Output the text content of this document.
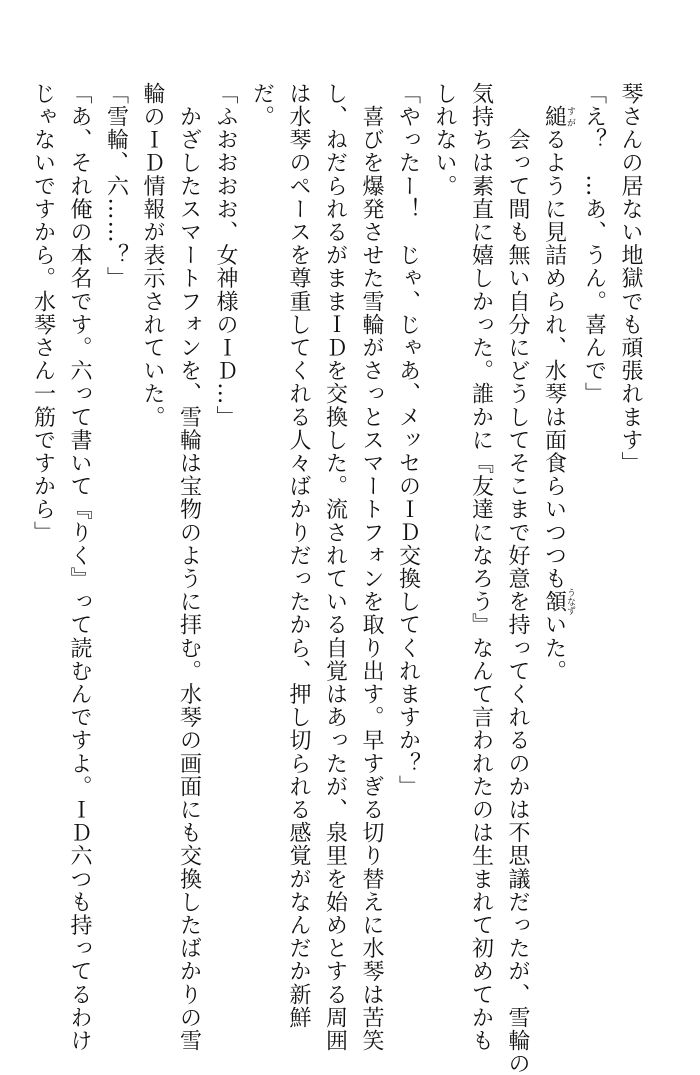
琴さんの居ない地獄でも頑張れます」
「え？　…あ、うん。喜んで」
　縋すがるように見詰められ、水琴は面食らいつつも頷うなずいた。
　　会って間も無い自分にどうしてそこまで好意を持ってくれるのかは不思議だったが、雪輪の
気持ちは素直に嬉しかった。誰かに『友達になろう』なんて言われたのは生まれて初めてかも
しれない。
「やったー！　じゃ、じゃあ、メッセのＩＤ交換してくれますか？」
　喜びを爆発させた雪輪がさっとスマートフォンを取り出す。早すぎる切り替えに水琴は苦笑
し、ねだられるがままＩＤを交換した。流されている自覚はあったが、泉里を始めとする周囲
は水琴のペースを尊重してくれる人々ばかりだったから、押し切られる感覚がなんだか新鮮
だ。
「ふおおおお、女神様のＩＤ…」
　かざしたスマートフォンを、雪輪は宝物のように拝む。水琴の画面にも交換したばかりの雪
輪のＩＤ情報が表示されていた。
「雪輪、六……？」
「あ、それ俺の本名です。六って書いて『りく』って読むんですよ。ＩＤ六つも持ってるわけ
じゃないですから。水琴さん一筋ですから」
